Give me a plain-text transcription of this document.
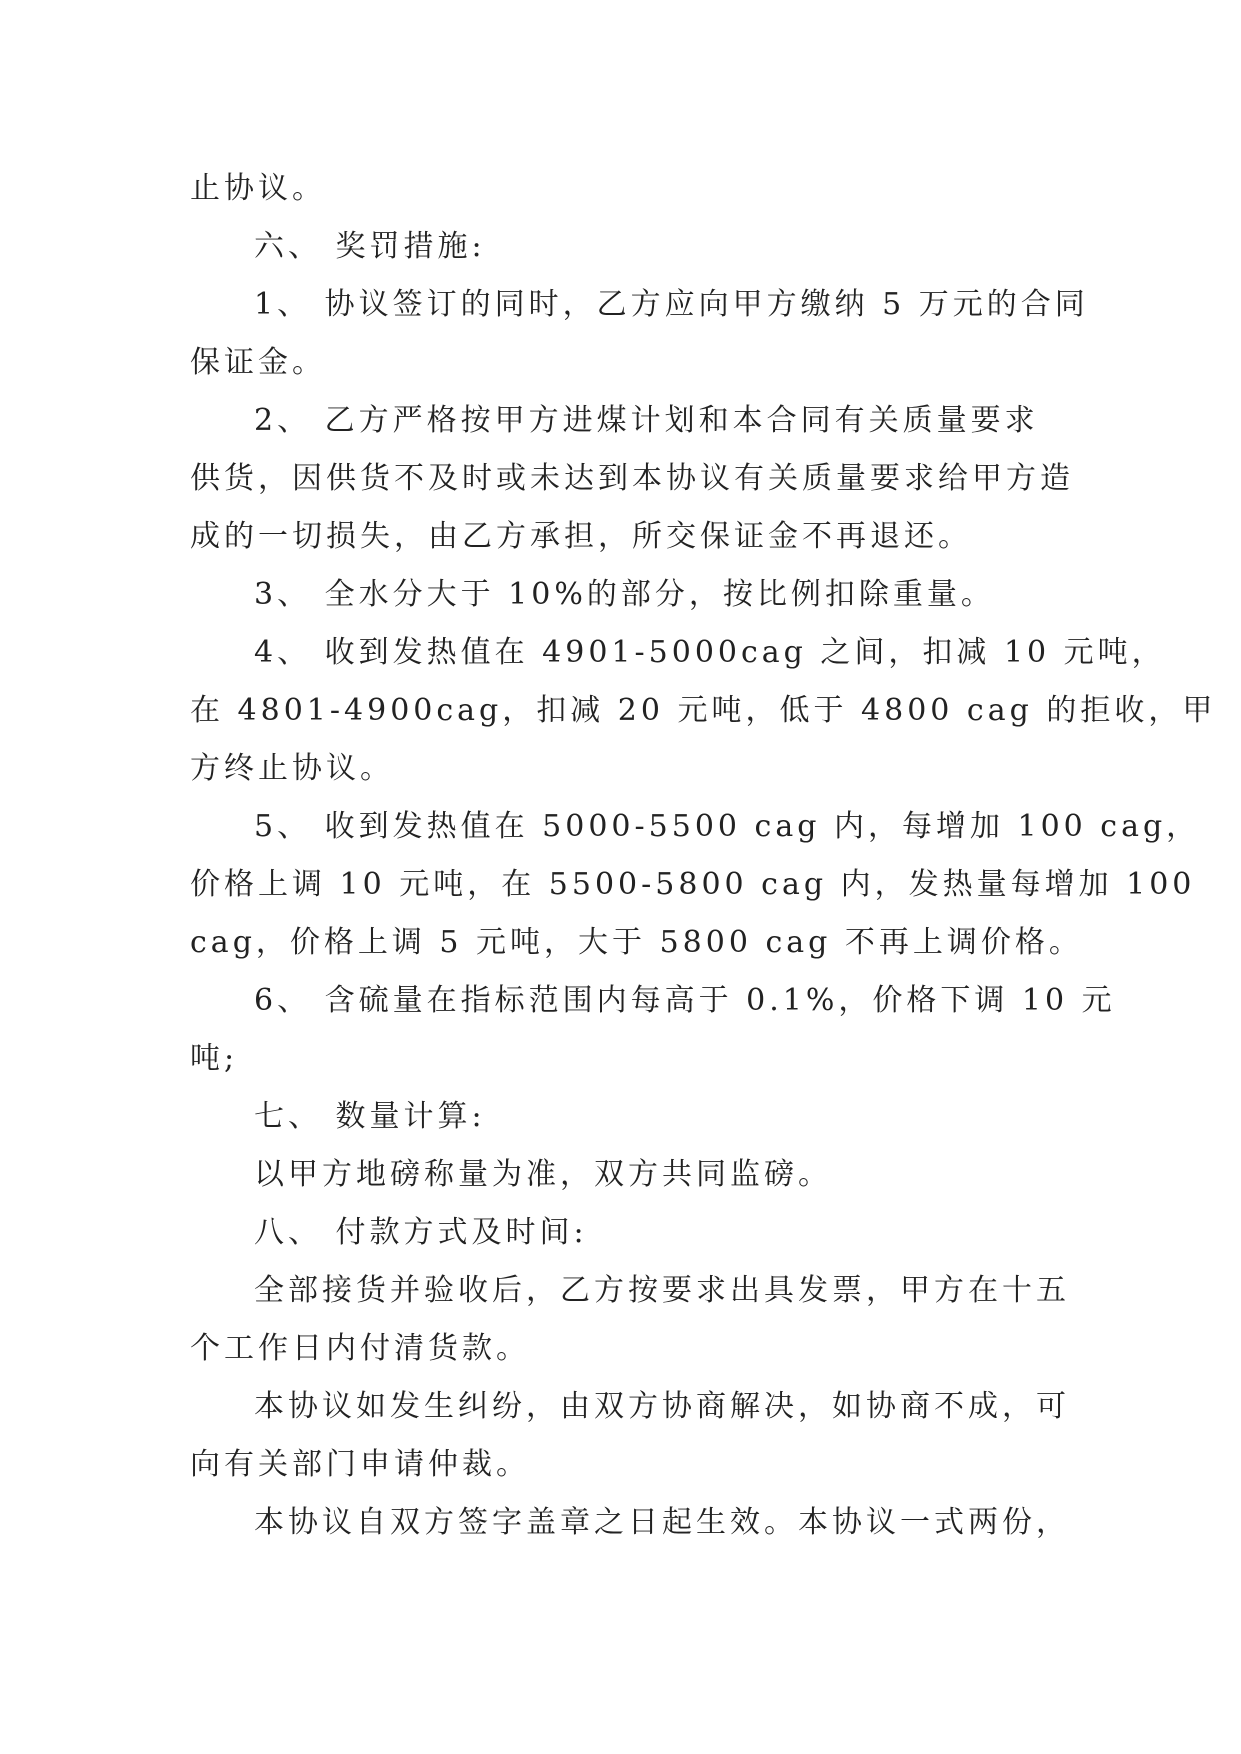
止协议。
六、 奖罚措施:
1、 协议签订的同时，乙方应向甲方缴纳 5 万元的合同
保证金。
2、 乙方严格按甲方进煤计划和本合同有关质量要求
供货，因供货不及时或未达到本协议有关质量要求给甲方造
成的一切损失，由乙方承担，所交保证金不再退还。
3、 全水分大于 10%的部分，按比例扣除重量。
4、 收到发热值在 4901-5000cag 之间，扣减 10 元吨，
在 4801-4900cag，扣减 20 元吨，低于 4800 cag 的拒收，甲
方终止协议。
5、 收到发热值在 5000-5500 cag 内，每增加 100 cag，
价格上调 10 元吨，在 5500-5800 cag 内，发热量每增加 100
cag，价格上调 5 元吨，大于 5800 cag 不再上调价格。
6、 含硫量在指标范围内每高于 0.1%，价格下调 10 元
吨;
七、 数量计算:
以甲方地磅称量为准，双方共同监磅。
八、 付款方式及时间:
全部接货并验收后，乙方按要求出具发票，甲方在十五
个工作日内付清货款。
本协议如发生纠纷，由双方协商解决，如协商不成，可
向有关部门申请仲裁。
本协议自双方签字盖章之日起生效。本协议一式两份，
